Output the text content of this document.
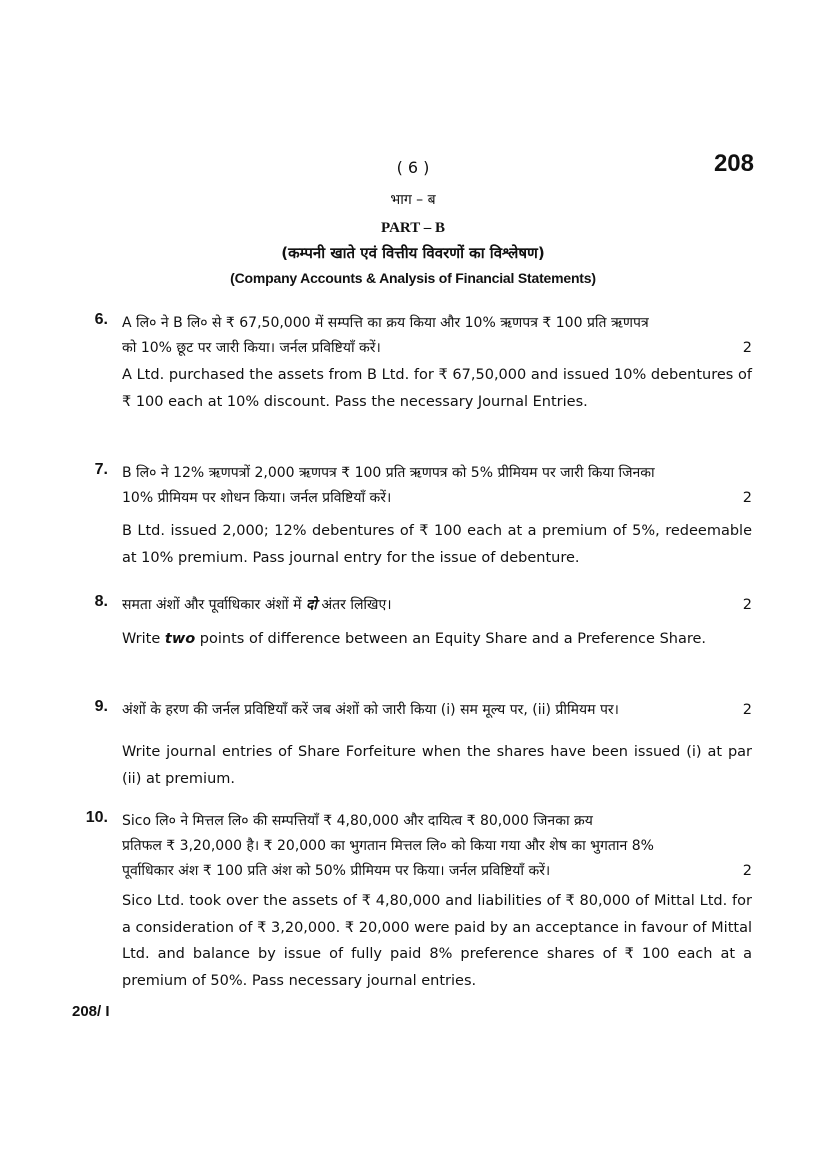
( 6 )	208
भाग – ब
PART – B
(कम्पनी खाते एवं वित्तीय विवरणों का विश्लेषण)
(Company Accounts & Analysis of Financial Statements)
6. A लि० ने B लि० से ₹ 67,50,000 में सम्पत्ति का क्रय किया और 10% ऋणपत्र ₹ 100 प्रति ऋणपत्र
को 10% छूट पर जारी किया। जर्नल प्रविष्टियाँ करें।	2
A Ltd. purchased the assets from B Ltd. for ₹ 67,50,000 and issued 10% debentures of ₹ 100 each at 10% discount. Pass the necessary Journal Entries.
7. B लि० ने 12% ऋणपत्रों 2,000 ऋणपत्र ₹ 100 प्रति ऋणपत्र को 5% प्रीमियम पर जारी किया जिनका
10% प्रीमियम पर शोधन किया। जर्नल प्रविष्टियाँ करें।	2
B Ltd. issued 2,000; 12% debentures of ₹ 100 each at a premium of 5%, redeemable at 10% premium. Pass journal entry for the issue of debenture.
8. समता अंशों और पूर्वाधिकार अंशों में दो अंतर लिखिए।	2
Write two points of difference between an Equity Share and a Preference Share.
9. अंशों के हरण की जर्नल प्रविष्टियाँ करें जब अंशों को जारी किया (i) सम मूल्य पर, (ii) प्रीमियम पर।	2
Write journal entries of Share Forfeiture when the shares have been issued (i) at par (ii) at premium.
10. Sico लि० ने मित्तल लि० की सम्पत्तियाँ ₹ 4,80,000 और दायित्व ₹ 80,000 जिनका क्रय
प्रतिफल ₹ 3,20,000 है। ₹ 20,000 का भुगतान मित्तल लि० को किया गया और शेष का भुगतान 8%
पूर्वाधिकार अंश ₹ 100 प्रति अंश को 50% प्रीमियम पर किया। जर्नल प्रविष्टियाँ करें।	2
Sico Ltd. took over the assets of ₹ 4,80,000 and liabilities of ₹ 80,000 of Mittal Ltd. for a consideration of ₹ 3,20,000. ₹ 20,000 were paid by an acceptance in favour of Mittal Ltd. and balance by issue of fully paid 8% preference shares of ₹ 100 each at a premium of 50%. Pass necessary journal entries.
208/ I
